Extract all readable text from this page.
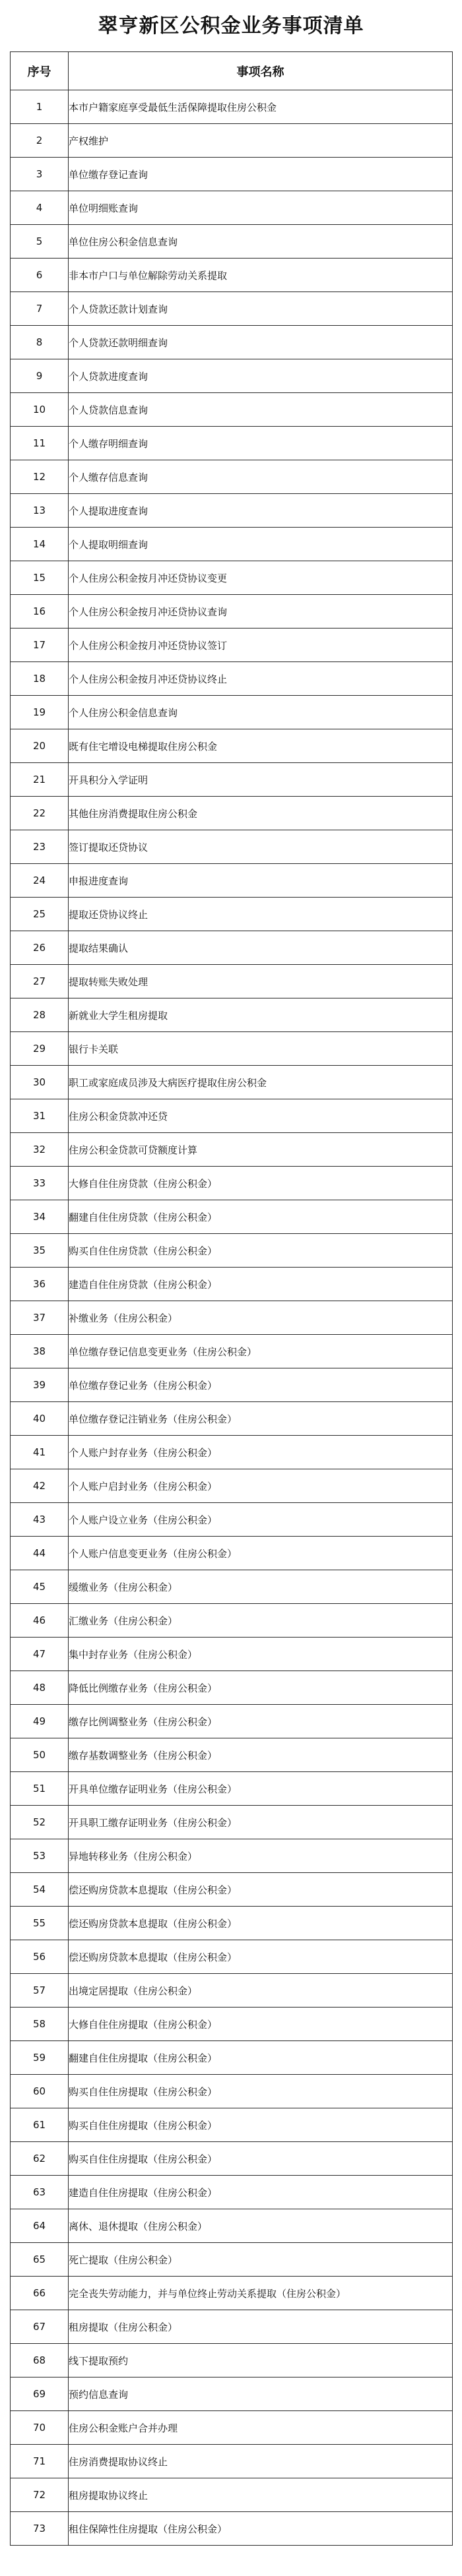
翠亨新区公积金业务事项清单
序号	事项名称
1	本市户籍家庭享受最低生活保障提取住房公积金
2	产权维护
3	单位缴存登记查询
4	单位明细账查询
5	单位住房公积金信息查询
6	非本市户口与单位解除劳动关系提取
7	个人贷款还款计划查询
8	个人贷款还款明细查询
9	个人贷款进度查询
10	个人贷款信息查询
11	个人缴存明细查询
12	个人缴存信息查询
13	个人提取进度查询
14	个人提取明细查询
15	个人住房公积金按月冲还贷协议变更
16	个人住房公积金按月冲还贷协议查询
17	个人住房公积金按月冲还贷协议签订
18	个人住房公积金按月冲还贷协议终止
19	个人住房公积金信息查询
20	既有住宅增设电梯提取住房公积金
21	开具积分入学证明
22	其他住房消费提取住房公积金
23	签订提取还贷协议
24	申报进度查询
25	提取还贷协议终止
26	提取结果确认
27	提取转账失败处理
28	新就业大学生租房提取
29	银行卡关联
30	职工或家庭成员涉及大病医疗提取住房公积金
31	住房公积金贷款冲还贷
32	住房公积金贷款可贷额度计算
33	大修自住住房贷款（住房公积金）
34	翻建自住住房贷款（住房公积金）
35	购买自住住房贷款（住房公积金）
36	建造自住住房贷款（住房公积金）
37	补缴业务（住房公积金）
38	单位缴存登记信息变更业务（住房公积金）
39	单位缴存登记业务（住房公积金）
40	单位缴存登记注销业务（住房公积金）
41	个人账户封存业务（住房公积金）
42	个人账户启封业务（住房公积金）
43	个人账户设立业务（住房公积金）
44	个人账户信息变更业务（住房公积金）
45	缓缴业务（住房公积金）
46	汇缴业务（住房公积金）
47	集中封存业务（住房公积金）
48	降低比例缴存业务（住房公积金）
49	缴存比例调整业务（住房公积金）
50	缴存基数调整业务（住房公积金）
51	开具单位缴存证明业务（住房公积金）
52	开具职工缴存证明业务（住房公积金）
53	异地转移业务（住房公积金）
54	偿还购房贷款本息提取（住房公积金）
55	偿还购房贷款本息提取（住房公积金）
56	偿还购房贷款本息提取（住房公积金）
57	出境定居提取（住房公积金）
58	大修自住住房提取（住房公积金）
59	翻建自住住房提取（住房公积金）
60	购买自住住房提取（住房公积金）
61	购买自住住房提取（住房公积金）
62	购买自住住房提取（住房公积金）
63	建造自住住房提取（住房公积金）
64	离休、退休提取（住房公积金）
65	死亡提取（住房公积金）
66	完全丧失劳动能力，并与单位终止劳动关系提取（住房公积金）
67	租房提取（住房公积金）
68	线下提取预约
69	预约信息查询
70	住房公积金账户合并办理
71	住房消费提取协议终止
72	租房提取协议终止
73	租住保障性住房提取（住房公积金）
